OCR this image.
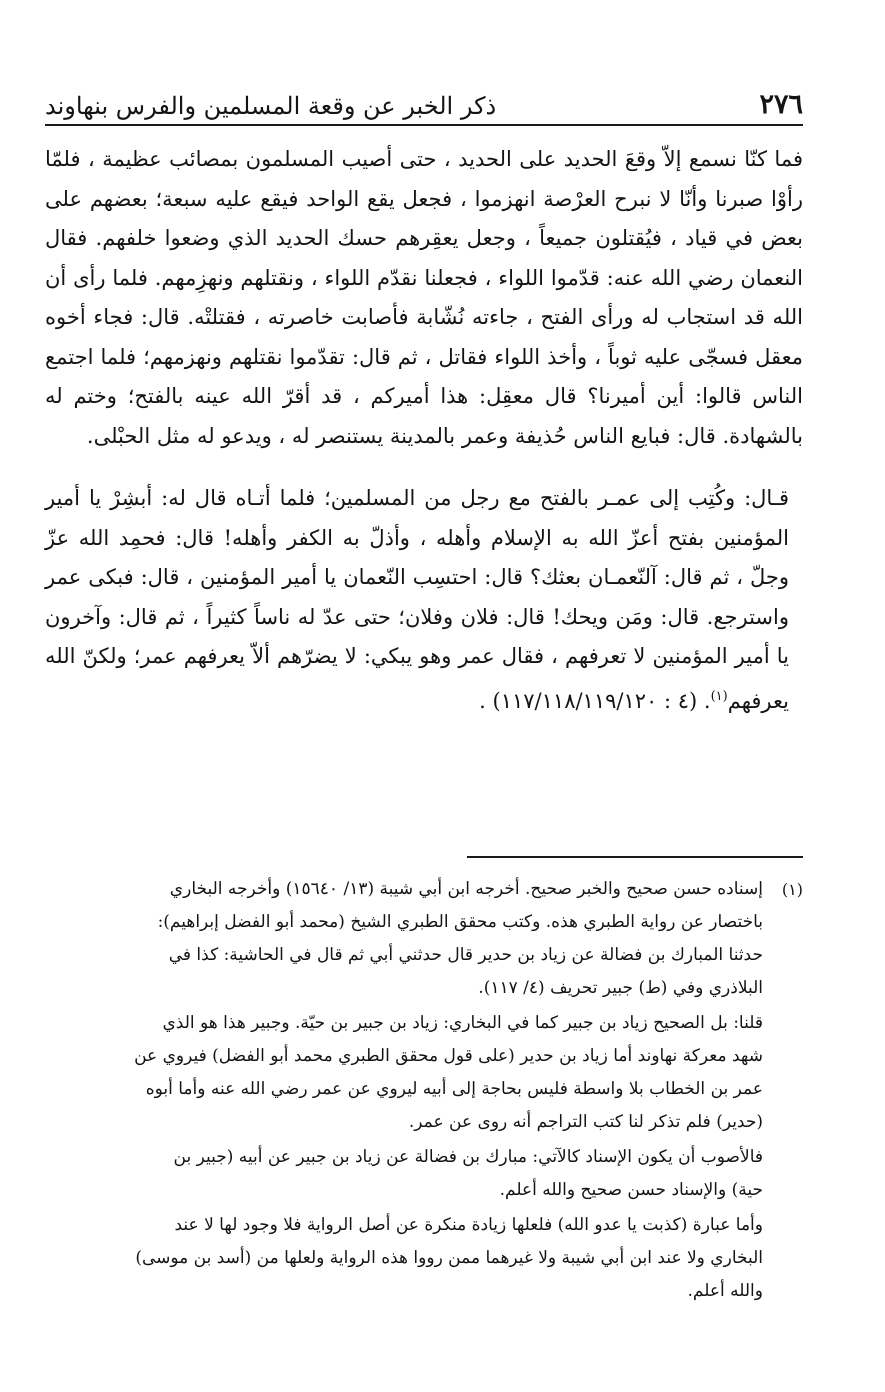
٢٧٦
ذكر الخبر عن وقعة المسلمين والفرس بنهاوند

فما كنّا نسمع إلاّ وقعَ الحديد على الحديد ، حتى أصيب المسلمون بمصائب عظيمة ، فلمّا رأوْا صبرنا وأنّا لا نبرح العرْصة انهزموا ، فجعل يقع الواحد فيقع عليه سبعة؛ بعضهم على بعض في قياد ، فيُقتلون جميعاً ، وجعل يعقِرهم حسك الحديد الذي وضعوا خلفهم. فقال النعمان رضي الله عنه: قدّموا اللواء ، فجعلنا نقدّم اللواء ، ونقتلهم ونهزِمهم. فلما رأى أن الله قد استجاب له ورأى الفتح ، جاءته نُشّابة فأصابت خاصرته ، فقتلتْه. قال: فجاء أخوه معقل فسجّى عليه ثوباً ، وأخذ اللواء فقاتل ، ثم قال: تقدّموا نقتلهم ونهزمهم؛ فلما اجتمع الناس قالوا: أين أميرنا؟ قال معقِل: هذا أميركم ، قد أقرّ الله عينه بالفتح؛ وختم له بالشهادة. قال: فبايع الناس حُذيفة وعمر بالمدينة يستنصر له ، ويدعو له مثل الحبْلى.

قـال: وكُتِب إلى عمـر بالفتح مع رجل من المسلمين؛ فلما أتـاه قال له: أبشِرْ يا أمير المؤمنين بفتح أعزّ الله به الإسلام وأهله ، وأذلّ به الكفر وأهله! قال: فحمِد الله عزّ وجلّ ، ثم قال: آلنّعمـان بعثك؟ قال: احتسِب النّعمان يا أمير المؤمنين ، قال: فبكى عمر واسترجع. قال: ومَن ويحك! قال: فلان وفلان؛ حتى عدّ له ناساً كثيراً ، ثم قال: وآخرون يا أمير المؤمنين لا تعرفهم ، فقال عمر وهو يبكي: لا يضرّهم ألاّ يعرفهم عمر؛ ولكنّ الله يعرفهم$^{(١)}$. (٤ : ١١٧/١١٨/١١٩/١٢٠) .

(١)

إسناده حسن صحيح والخبر صحيح. أخرجه ابن أبي شيبة (١٣/ ١٥٦٤٠) وأخرجه البخاري

باختصار عن رواية الطبري هذه. وكتب محقق الطبري الشيخ (محمد أبو الفضل إبراهيم):

حدثنا المبارك بن فضالة عن زياد بن حدير قال حدثني أبي ثم قال في الحاشية: كذا في

البلاذري وفي (ط) جبير تحريف (٤/ ١١٧).

قلنا: بل الصحيح زياد بن جبير كما في البخاري: زياد بن جبير بن حيّة. وجبير هذا هو الذي

شهد معركة نهاوند أما زياد بن حدير (على قول محقق الطبري محمد أبو الفضل) فيروي عن

عمر بن الخطاب بلا واسطة فليس بحاجة إلى أبيه ليروي عن عمر رضي الله عنه وأما أبوه

(حدير) فلم تذكر لنا كتب التراجم أنه روى عن عمر.

فالأصوب أن يكون الإسناد كالآتي: مبارك بن فضالة عن زياد بن جبير عن أبيه (جبير بن

حية) والإسناد حسن صحيح والله أعلم.

وأما عبارة (كذبت يا عدو الله) فلعلها زيادة منكرة عن أصل الرواية فلا وجود لها لا عند

البخاري ولا عند ابن أبي شيبة ولا غيرهما ممن رووا هذه الرواية ولعلها من (أسد بن موسى)

والله أعلم.
